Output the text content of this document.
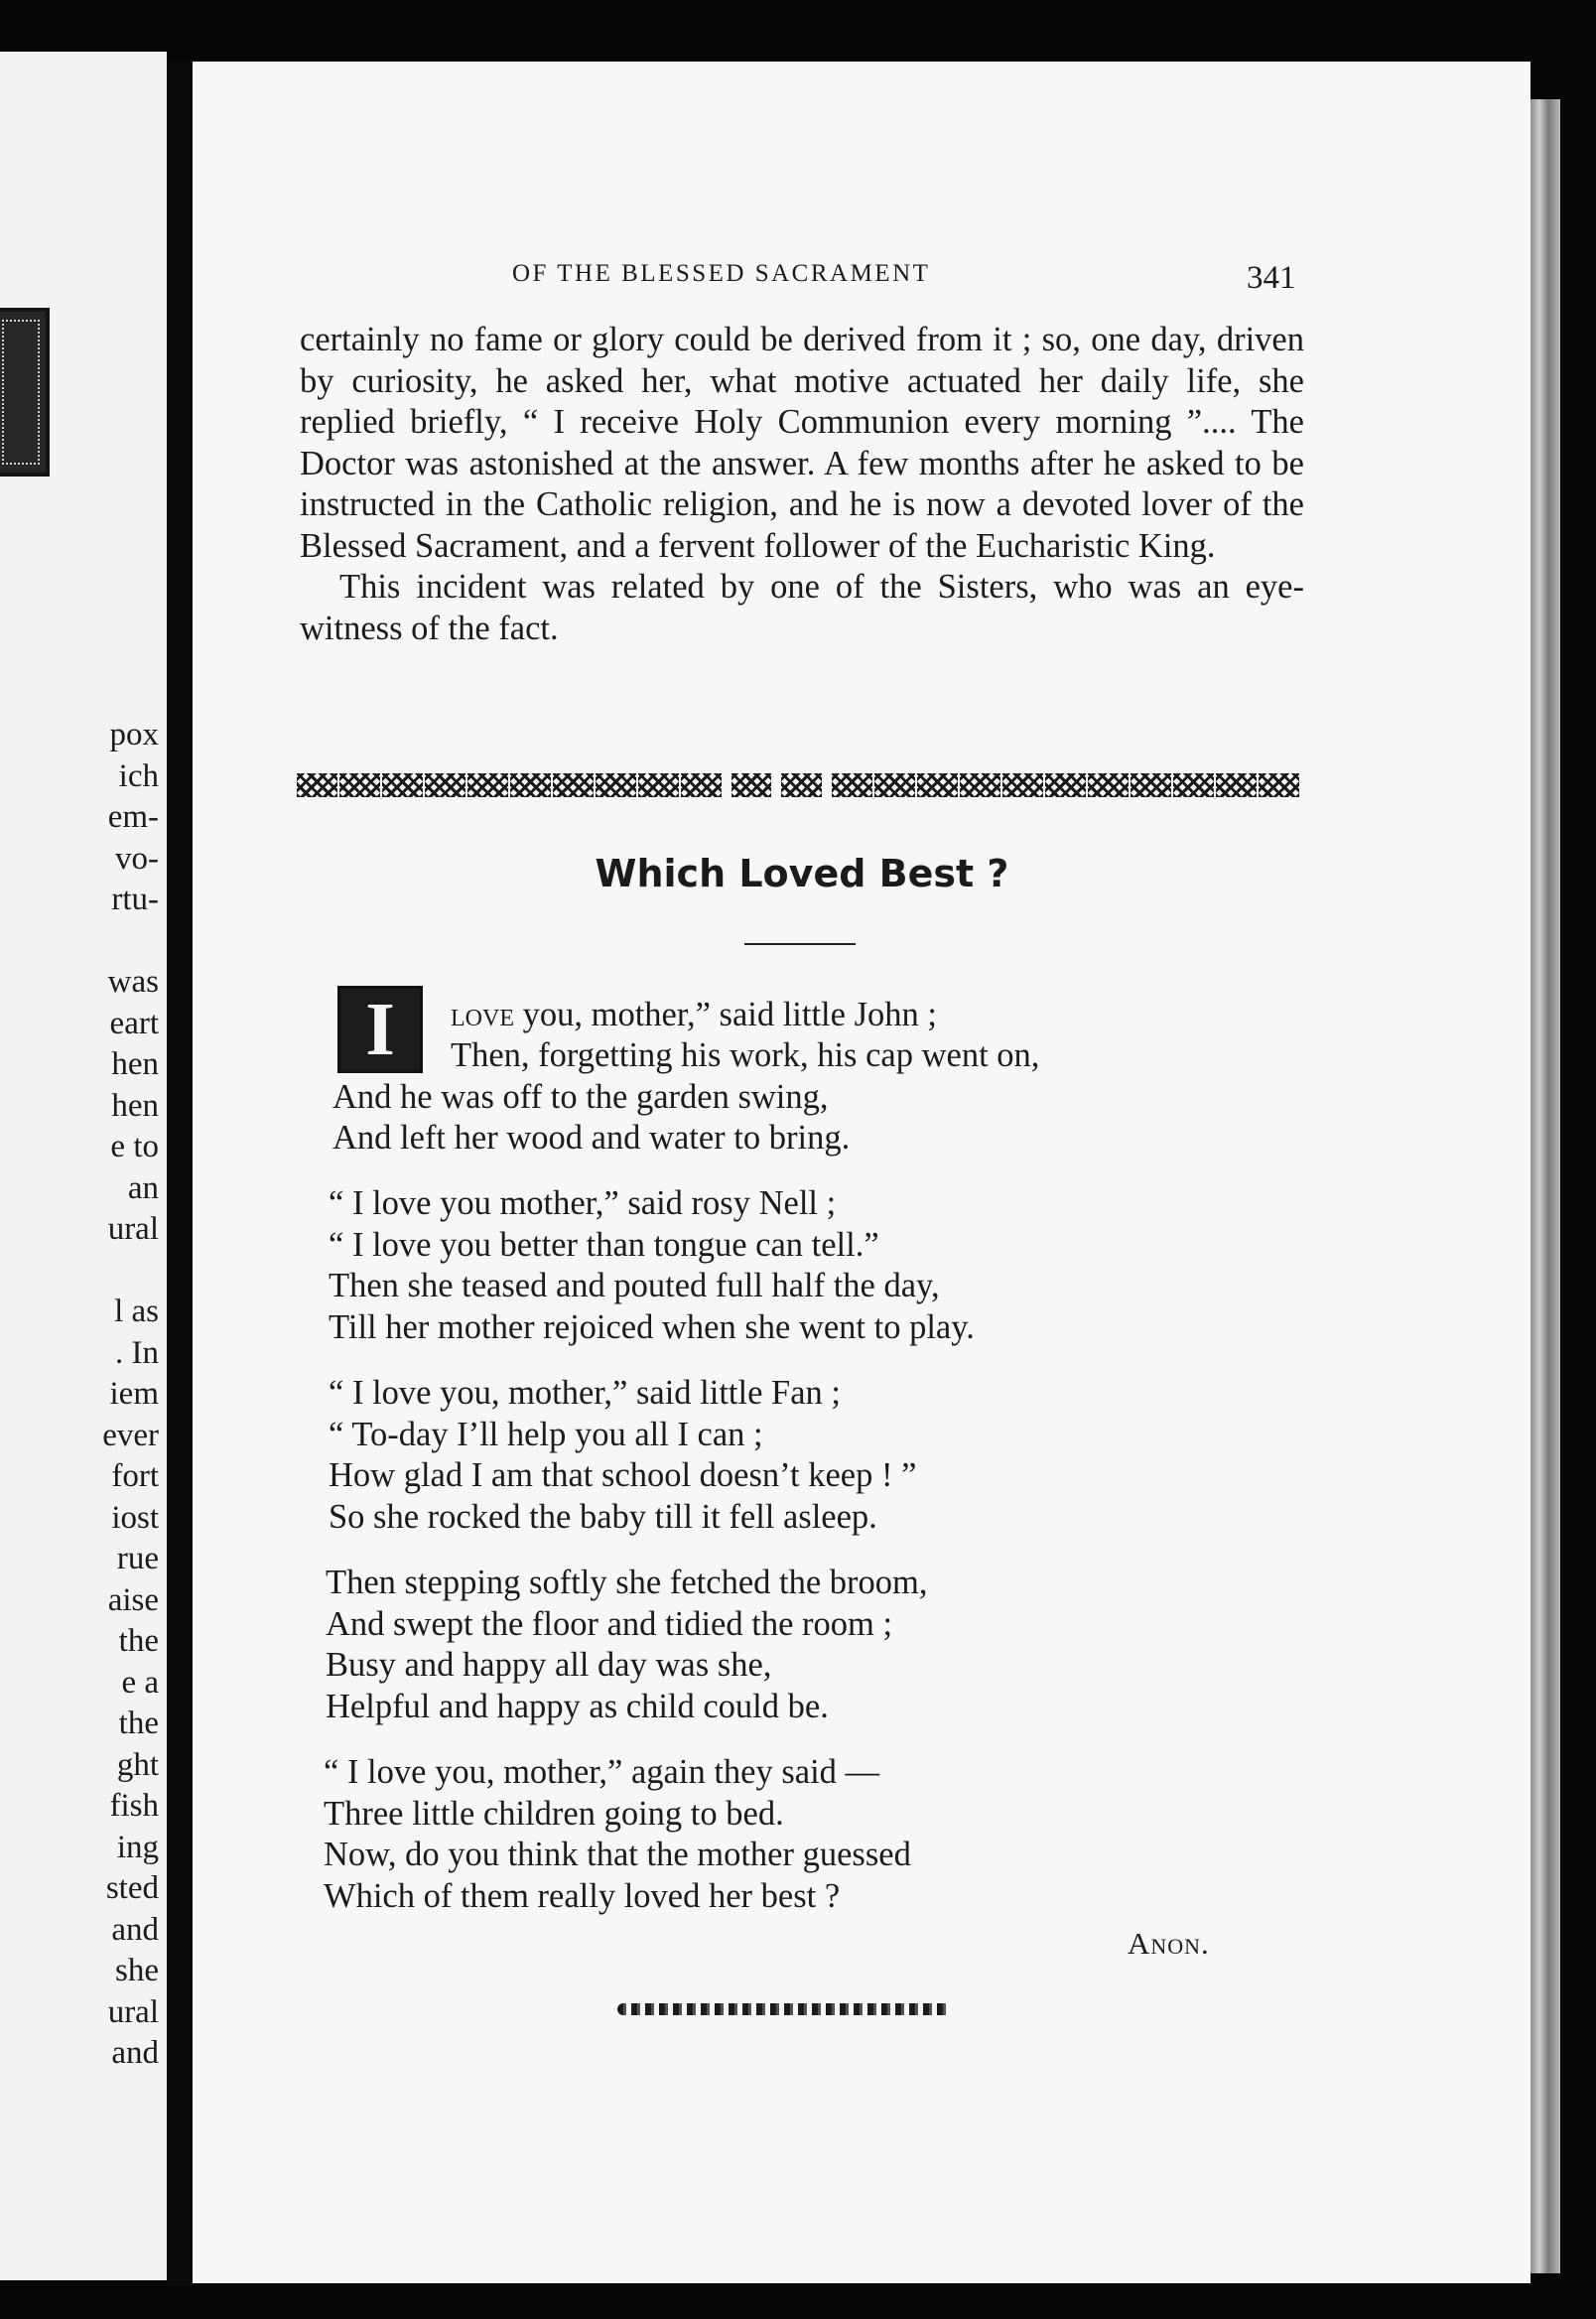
pox
ich
em-
vo-
rtu-
was
eart
hen
hen
e to
an
ural
l as
. In
iem
ever
fort
iost
rue
aise
the
e a
the
ght
fish
ing
sted
and
she
ural
and
OF THE BLESSED SACRAMENT	341

certainly no fame or glory could be derived from it ; so, one day, driven by curiosity, he asked her, what motive actuated her daily life, she replied briefly, “ I receive Holy Communion every morning ”.... The Doctor was astonished at the answer. A few months after he asked to be instructed in the Catholic religion, and he is now a devoted lover of the Blessed Sacrament, and a fervent follower of the Eucharistic King.

This incident was related by one of the Sisters, who was an eye-witness of the fact.

Which Loved Best ?
I	love you, mother,” said little John ;
Then, forgetting his work, his cap went on,
And he was off to the garden swing,
And left her wood and water to bring.
“ I love you mother,” said rosy Nell ;
“ I love you better than tongue can tell.”
Then she teased and pouted full half the day,
Till her mother rejoiced when she went to play.
“ I love you, mother,” said little Fan ;
“ To-day I’ll help you all I can ;
How glad I am that school doesn’t keep ! ”
So she rocked the baby till it fell asleep.
Then stepping softly she fetched the broom,
And swept the floor and tidied the room ;
Busy and happy all day was she,
Helpful and happy as child could be.
“ I love you, mother,” again they said —
Three little children going to bed.
Now, do you think that the mother guessed
Which of them really loved her best ?
Anon.
